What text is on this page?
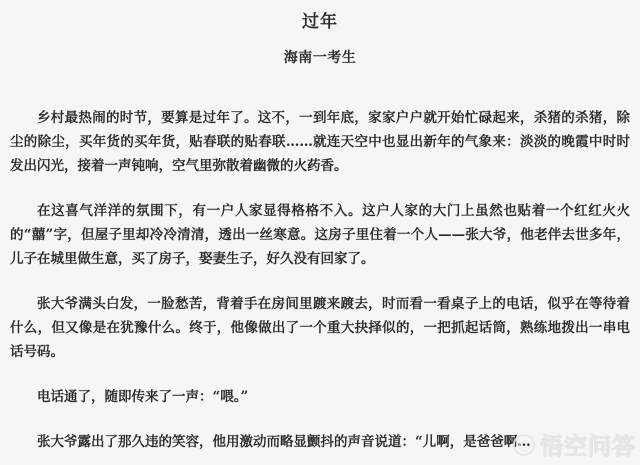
过年
海南一考生

乡村最热闹的时节，要算是过年了。这不，一到年底，家家户户就开始忙碌起来，杀猪的杀猪，除尘的除尘，买年货的买年货，贴春联的贴春联……就连天空中也显出新年的气象来：淡淡的晚霞中时时发出闪光，接着一声钝响，空气里弥散着幽微的火药香。

在这喜气洋洋的氛围下，有一户人家显得格格不入。这户人家的大门上虽然也贴着一个红红火火的“囍”字，但屋子里却冷冷清清，透出一丝寒意。这房子里住着一个人——张大爷，他老伴去世多年，儿子在城里做生意，买了房子，娶妻生子，好久没有回家了。

张大爷满头白发，一脸愁苦，背着手在房间里踱来踱去，时而看一看桌子上的电话，似乎在等待着什么，但又像是在犹豫什么。终于，他像做出了一个重大抉择似的，一把抓起话筒，熟练地拨出一串电话号码。

电话通了，随即传来了一声：“喂。”

张大爷露出了那久违的笑容，他用激动而略显颤抖的声音说道：“儿啊，是爸爸啊… 悟空问答
